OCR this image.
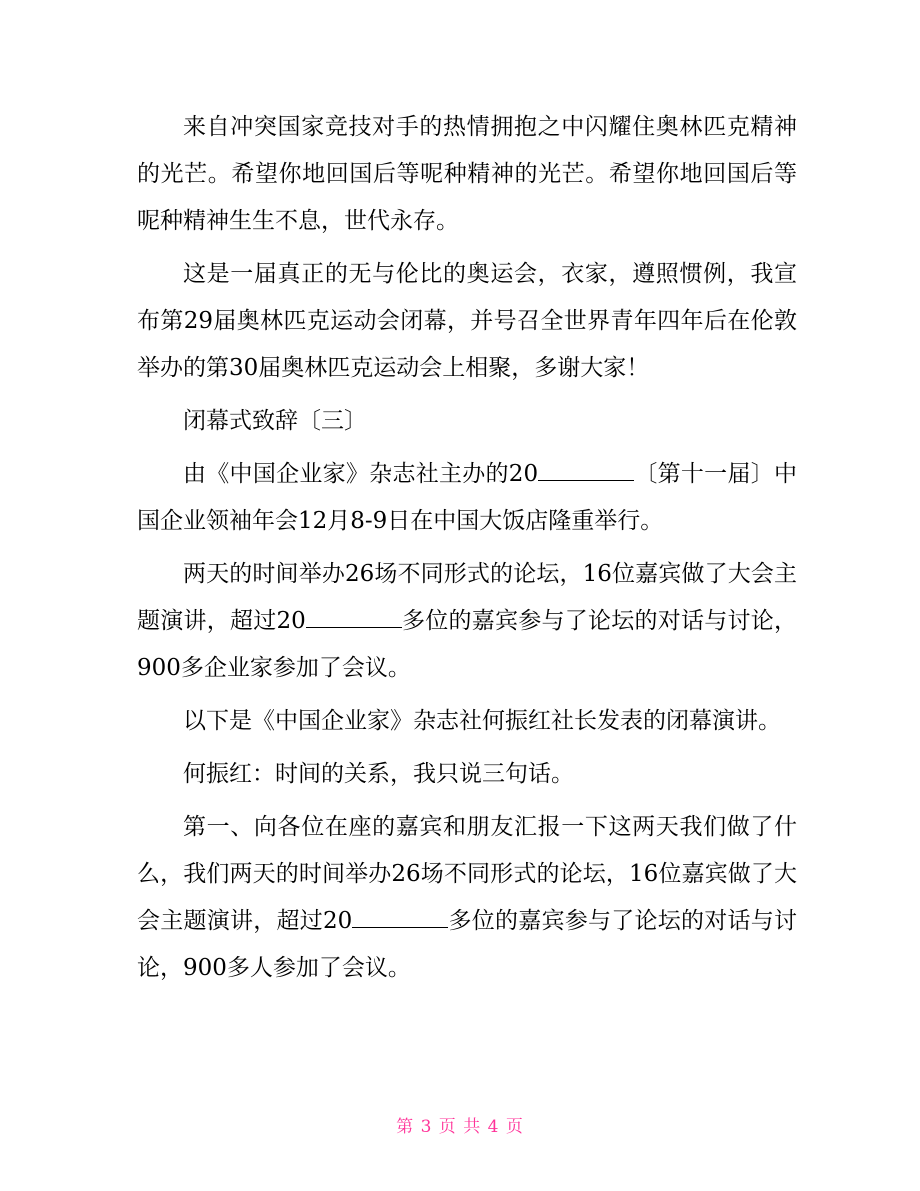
来自冲突国家竞技对手的热情拥抱之中闪耀住奥林匹克精神的光芒。希望你地回国后等呢种精神的光芒。希望你地回国后等呢种精神生生不息，世代永存。

这是一届真正的无与伦比的奥运会，衣家，遵照惯例，我宣布第29届奥林匹克运动会闭幕，并号召全世界青年四年后在伦敦举办的第30届奥林匹克运动会上相聚，多谢大家！

闭幕式致辞〔三〕

由《中国企业家》杂志社主办的20	〔第十一届〕中国企业领袖年会12月8-9日在中国大饭店隆重举行。

两天的时间举办26场不同形式的论坛，16位嘉宾做了大会主题演讲，超过20	多位的嘉宾参与了论坛的对话与讨论，900多企业家参加了会议。

以下是《中国企业家》杂志社何振红社长发表的闭幕演讲。

何振红：时间的关系，我只说三句话。

第一、向各位在座的嘉宾和朋友汇报一下这两天我们做了什么，我们两天的时间举办26场不同形式的论坛，16位嘉宾做了大会主题演讲，超过20	多位的嘉宾参与了论坛的对话与讨论，900多人参加了会议。

第 3 页 共 4 页
